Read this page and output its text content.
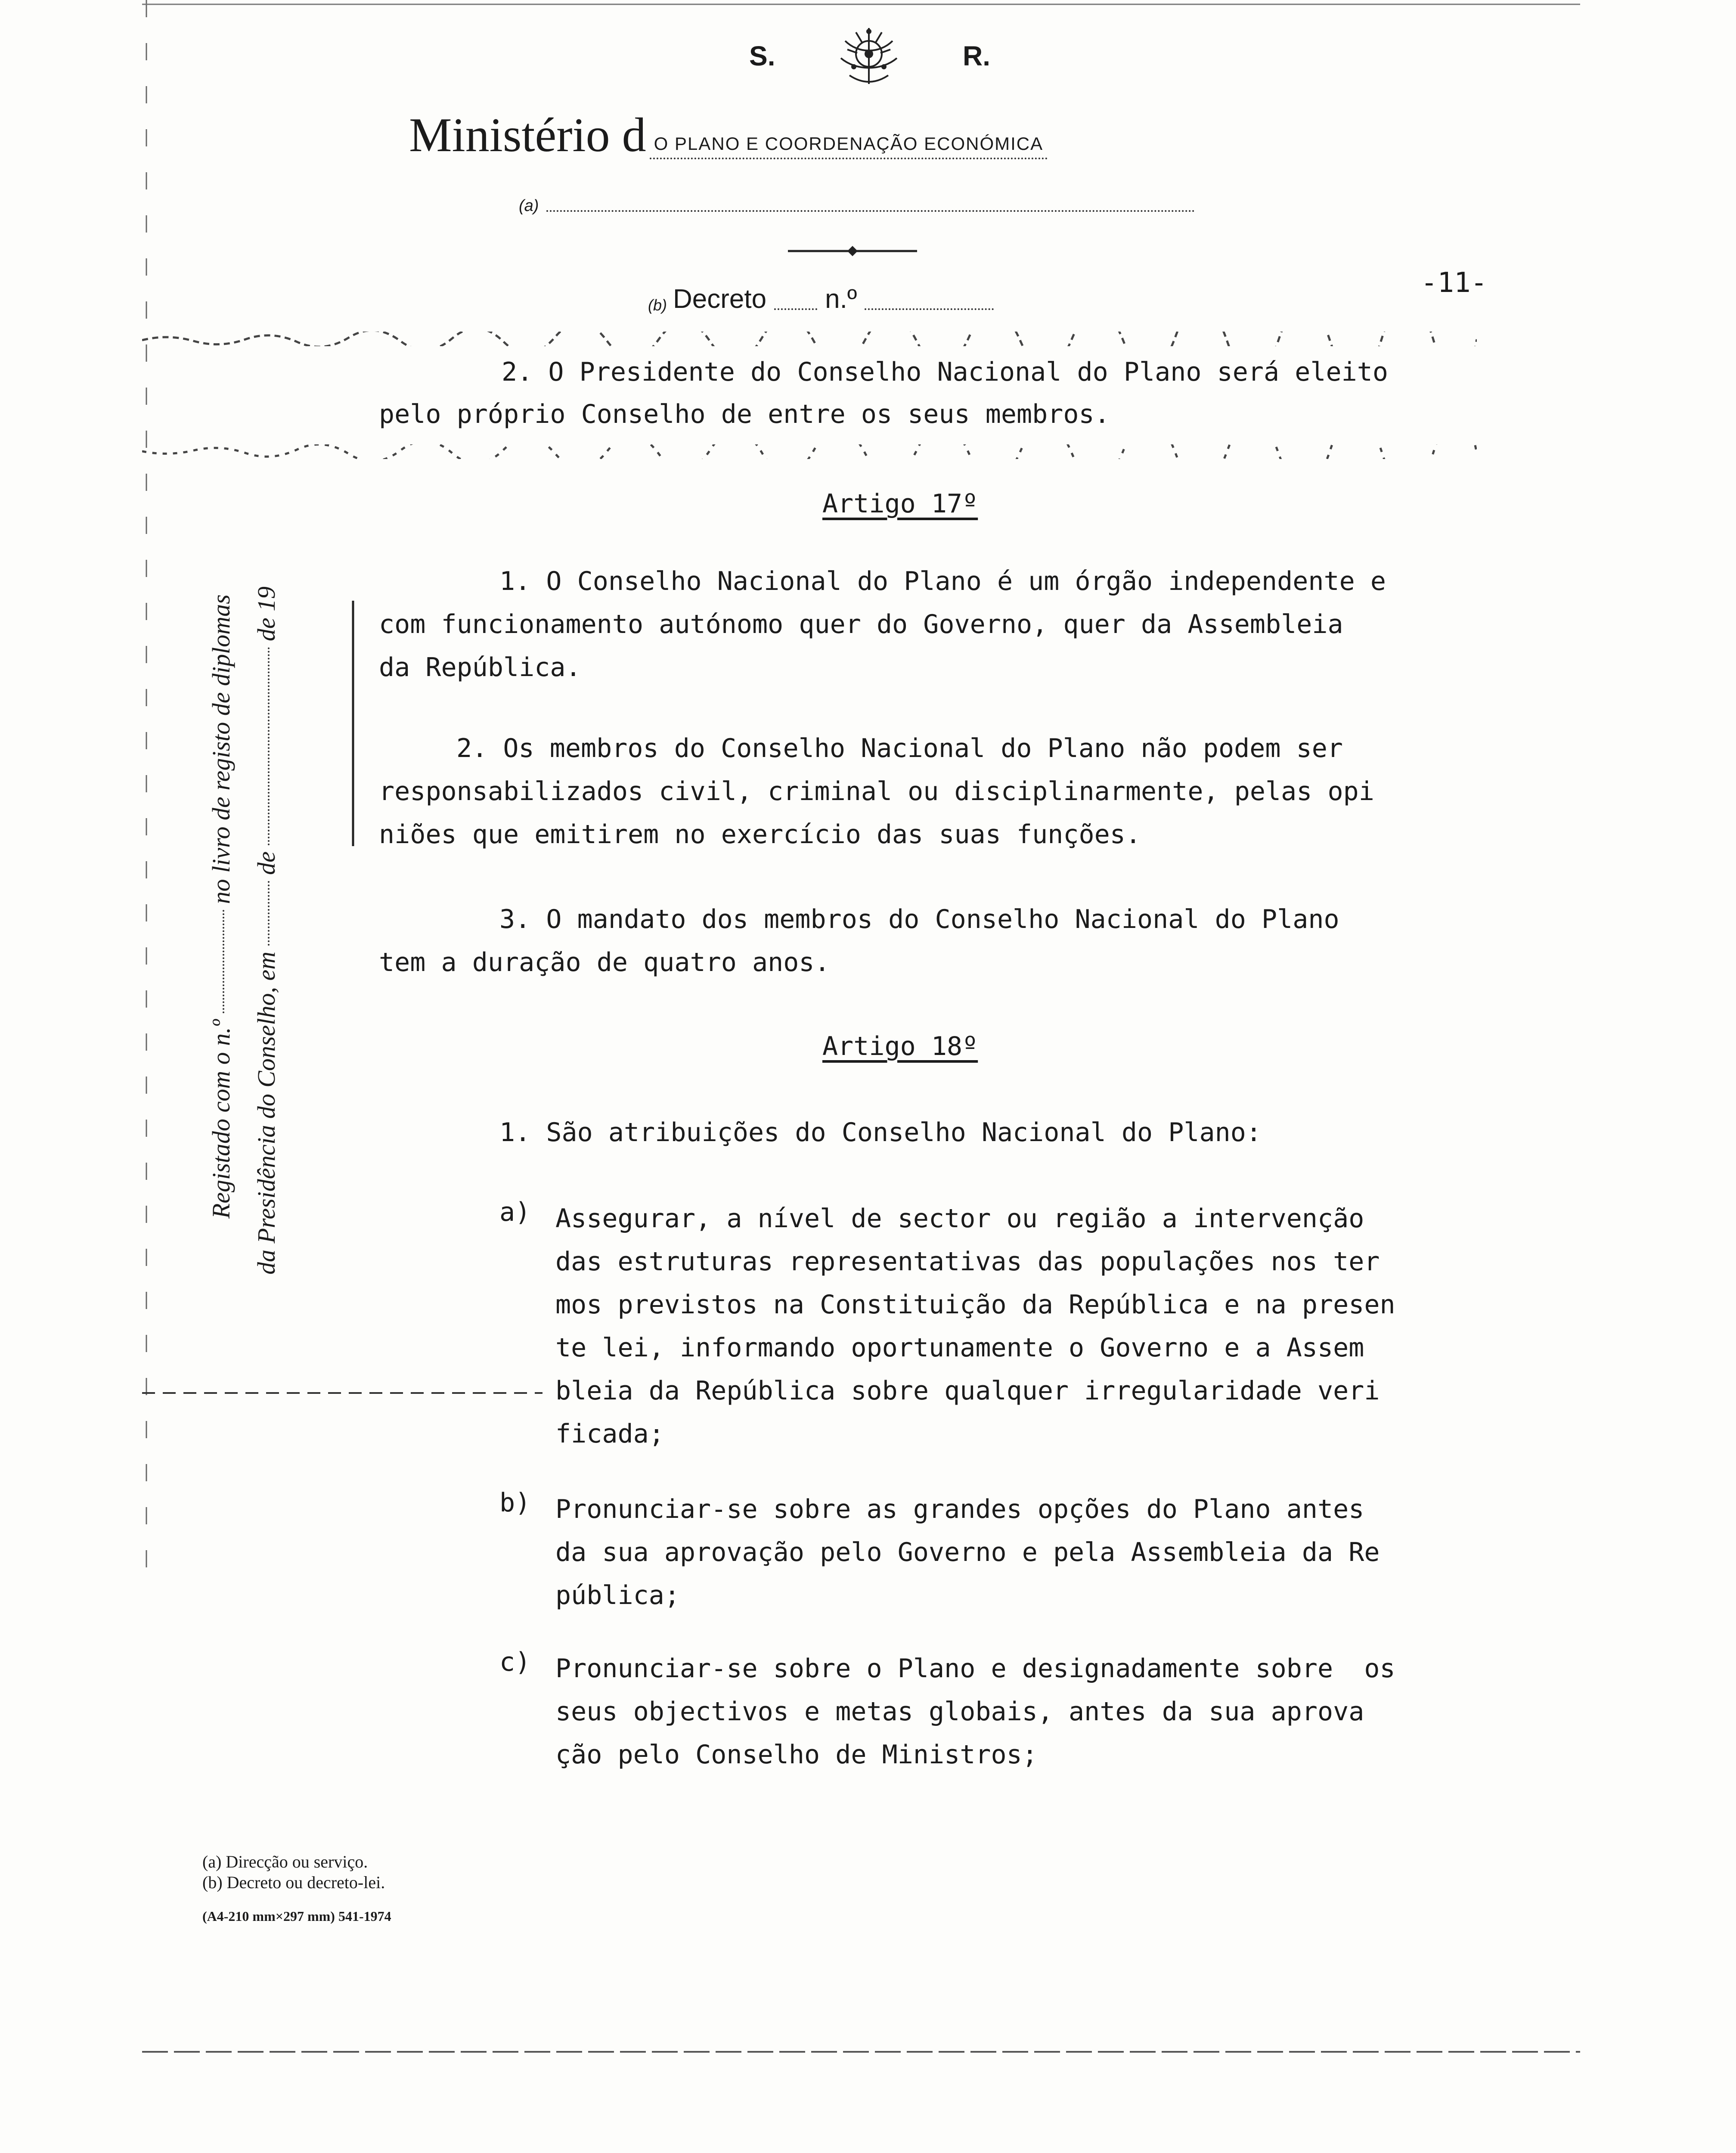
S.	R.
Ministério d O PLANO E COORDENAÇÃO ECONÓMICA
(a)
(b) Decreto n.º
-11-
2. O Presidente do Conselho Nacional do Plano será eleito
pelo próprio Conselho de entre os seus membros.
Artigo 17º
1. O Conselho Nacional do Plano é um órgão independente e
com funcionamento autónomo quer do Governo, quer da Assembleia
da República.
2. Os membros do Conselho Nacional do Plano não podem ser
responsabilizados civil, criminal ou disciplinarmente, pelas opi
niões que emitirem no exercício das suas funções.
3. O mandato dos membros do Conselho Nacional do Plano
tem a duração de quatro anos.
Artigo 18º
1. São atribuições do Conselho Nacional do Plano:
a) Assegurar, a nível de sector ou região a intervenção
das estruturas representativas das populações nos ter
mos previstos na Constituição da República e na presen
te lei, informando oportunamente o Governo e a Assem
bleia da República sobre qualquer irregularidade veri
ficada;
b) Pronunciar-se sobre as grandes opções do Plano antes
da sua aprovação pelo Governo e pela Assembleia da Re
pública;
c) Pronunciar-se sobre o Plano e designadamente sobre  os
seus objectivos e metas globais, antes da sua aprova
ção pelo Conselho de Ministros;
Registado com o n.ºno livro de registo de diplomas
da Presidência do Conselho, emdede 19
(a) Direcção ou serviço.
(b) Decreto ou decreto-lei.
(A4-210 mm×297 mm) 541-1974
